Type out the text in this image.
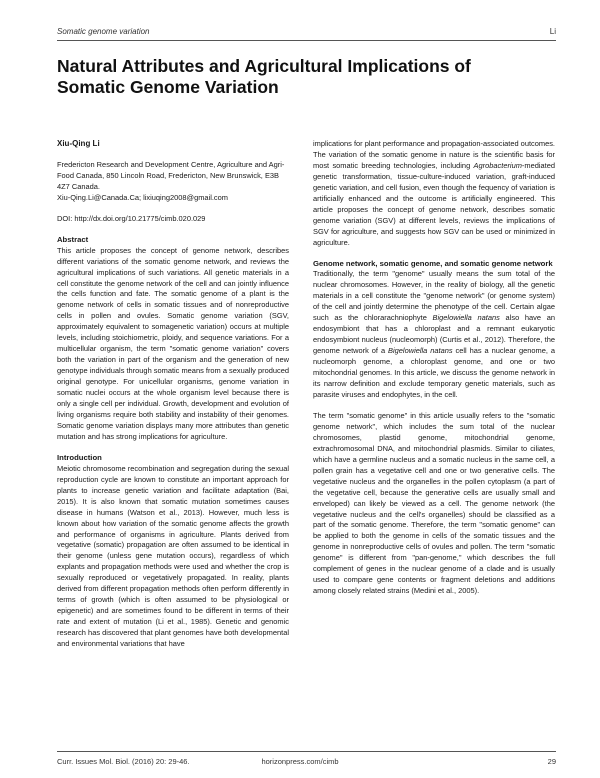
Somatic genome variation	Li
Natural Attributes and Agricultural Implications of Somatic Genome Variation

Xiu-Qing Li

Fredericton Research and Development Centre, Agriculture and Agri-Food Canada, 850 Lincoln Road, Fredericton, New Brunswick, E3B 4Z7 Canada.

Xiu-Qing.Li@Canada.Ca; lixiuqing2008@gmail.com

DOI: http://dx.doi.org/10.21775/cimb.020.029

Abstract

This article proposes the concept of genome network, describes different variations of the somatic genome network, and reviews the agricultural implications of such variations. All genetic materials in a cell constitute the genome network of the cell and can jointly influence the cells function and fate. The somatic genome of a plant is the genome network of cells in somatic tissues and of nonreproductive cells in pollen and ovules. Somatic genome variation (SGV, approximately equivalent to somagenetic variation) occurs at multiple levels, including stoichiometric, ploidy, and sequence variations. For a multicellular organism, the term "somatic genome variation" covers both the variation in part of the organism and the generation of new genotype individuals through somatic means from a sexually produced original genotype. For unicellular organisms, genome variation in somatic nuclei occurs at the whole organism level because there is only a single cell per individual. Growth, development and evolution of living organisms require both stability and instability of their genomes. Somatic genome variation displays many more attributes than genetic mutation and has strong implications for agriculture.

Introduction

Meiotic chromosome recombination and segregation during the sexual reproduction cycle are known to constitute an important approach for plants to increase genetic variation and facilitate adaptation (Bai, 2015). It is also known that somatic mutation sometimes causes disease in humans (Watson et al., 2013). However, much less is known about how variation of the somatic genome affects the growth and performance of organisms in agriculture. Plants derived from vegetative (somatic) propagation are often assumed to be identical in their genome (unless gene mutation occurs), regardless of which explants and propagation methods were used and whether the crop is sexually reproduced or vegetatively propagated. In reality, plants derived from different propagation methods often perform differently in terms of growth (which is often assumed to be physiological or epigenetic) and are sometimes found to be different in terms of their rate and extent of mutation (Li et al., 1985). Genetic and genomic research has discovered that plant genomes have both developmental and environmental variations that have

implications for plant performance and propagation-associated outcomes. The variation of the somatic genome in nature is the scientific basis for most somatic breeding technologies, including Agrobacterium-mediated genetic transformation, tissue-culture-induced variation, graft-induced genetic variation, and cell fusion, even though the fequency of variation is artificially enhanced and the outcome is artificially engineered. This article proposes the concept of genome network, describes somatic genome variation (SGV) at different levels, reviews the implications of SGV for agriculture, and suggests how SGV can be used or minimized in agriculture.

Genome network, somatic genome, and somatic genome network

Traditionally, the term "genome" usually means the sum total of the nuclear chromosomes. However, in the reality of biology, all the genetic materials in a cell constitute the "genome network" (or genome system) of the cell and jointly determine the phenotype of the cell. Certain algae such as the chlorarachniophyte Bigelowiella natans also have an endosymbiont that has a chloroplast and a remnant eukaryotic endosymbiont nucleus (nucleomorph) (Curtis et al., 2012). Therefore, the genome network of a Bigelowiella natans cell has a nuclear genome, a nucleomorph genome, a chloroplast genome, and one or two mitochondrial genomes. In this article, we discuss the genome network in its narrow definition and exclude temporary genetic materials, such as parasite viruses and endophytes, in the cell.

The term "somatic genome" in this article usually refers to the "somatic genome network", which includes the sum total of the nuclear chromosomes, plastid genome, mitochondrial genome, extrachromosomal DNA, and mitochondrial plasmids. Similar to ciliates, which have a germline nucleus and a somatic nucleus in the same cell, a pollen grain has a vegetative cell and one or two generative cells. The vegetative nucleus and the organelles in the pollen cytoplasm (a part of the vegetative cell, because the generative cells are usually small and enveloped) can likely be viewed as a cell. The genome network (the vegetative nucleus and the cell's organelles) should be classified as a part of the somatic genome. Therefore, the term "somatic genome" can be applied to both the genome in cells of the somatic tissues and the genome in nonreproductive cells of ovules and pollen. The term "somatic genome" is different from "pan-genome," which describes the full complement of genes in the nuclear genome of a clade and is usually used to compare gene contents or fragment deletions and additions among closely related strains (Medini et al., 2005).

Curr. Issues Mol. Biol. (2016) 20: 29-46.	horizonpress.com/cimb	29
